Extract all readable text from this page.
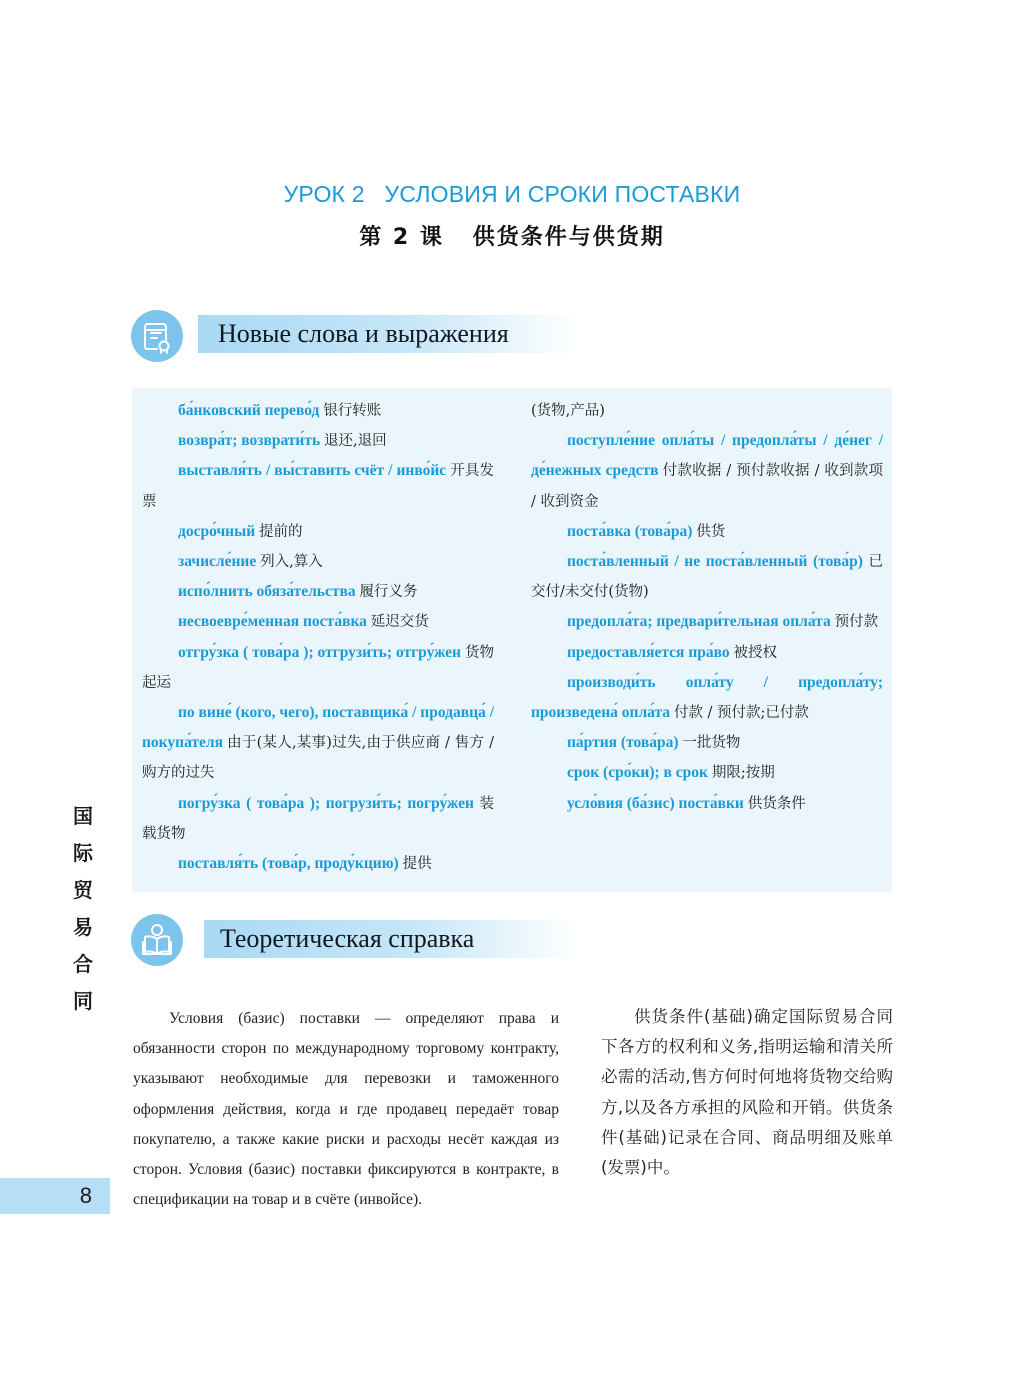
УРОК 2   УСЛОВИЯ И СРОКИ ПОСТАВКИ
第 2 课   供货条件与供货期
Новые слова и выражения

ба́нковский перево́д 银行转账

возвра́т; возврати́ть 退还,退回

выставля́ть / вы́ставить счёт / инво́йс 开具发票

досро́чный 提前的

зачисле́ние 列入,算入

испо́лнить обяза́тельства 履行义务

несвоевре́менная поста́вка 延迟交货

отгру́зка ( това́ра ); отгрузи́ть; отгру́жен 货物起运

по вине́ (кого, чего), поставщика́ / продавца́ / покупа́теля 由于(某人,某事)过失,由于供应商 / 售方 / 购方的过失

погру́зка ( това́ра ); погрузи́ть; погру́жен 装载货物

поставля́ть (това́р, проду́кцию) 提供

(货物,产品)

поступле́ние опла́ты / предопла́ты / де́нег /де́нежных средств 付款收据 / 预付款收据 / 收到款项 / 收到资金

поста́вка (това́ра) 供货

поста́вленный / не поста́вленный (това́р) 已交付/未交付(货物)

предопла́та; предвари́тельная опла́та 预付款

предоставля́ется пра́во 被授权

производи́ть опла́ту / предопла́ту; произведена́ опла́та 付款 / 预付款;已付款

па́ртия (това́ра) 一批货物

срок (сро́ки); в срок 期限;按期

усло́вия (ба́зис) поста́вки 供货条件

Теоретическая справка

Условия (базис) поставки — определяют права и обязанности сторон по международному торговому контракту, указывают необходимые для перевозки и таможенного оформления действия, когда и где продавец передаёт товар покупателю, а также какие риски и расходы несёт каждая из сторон. Условия (базис) поставки фиксируются в контракте, в спецификации на товар и в счёте (инвойсе).

供货条件(基础)确定国际贸易合同下各方的权利和义务,指明运输和清关所必需的活动,售方何时何地将货物交给购方,以及各方承担的风险和开销。供货条件(基础)记录在合同、商品明细及账单(发票)中。

国
际
贸
易
合
同
8
